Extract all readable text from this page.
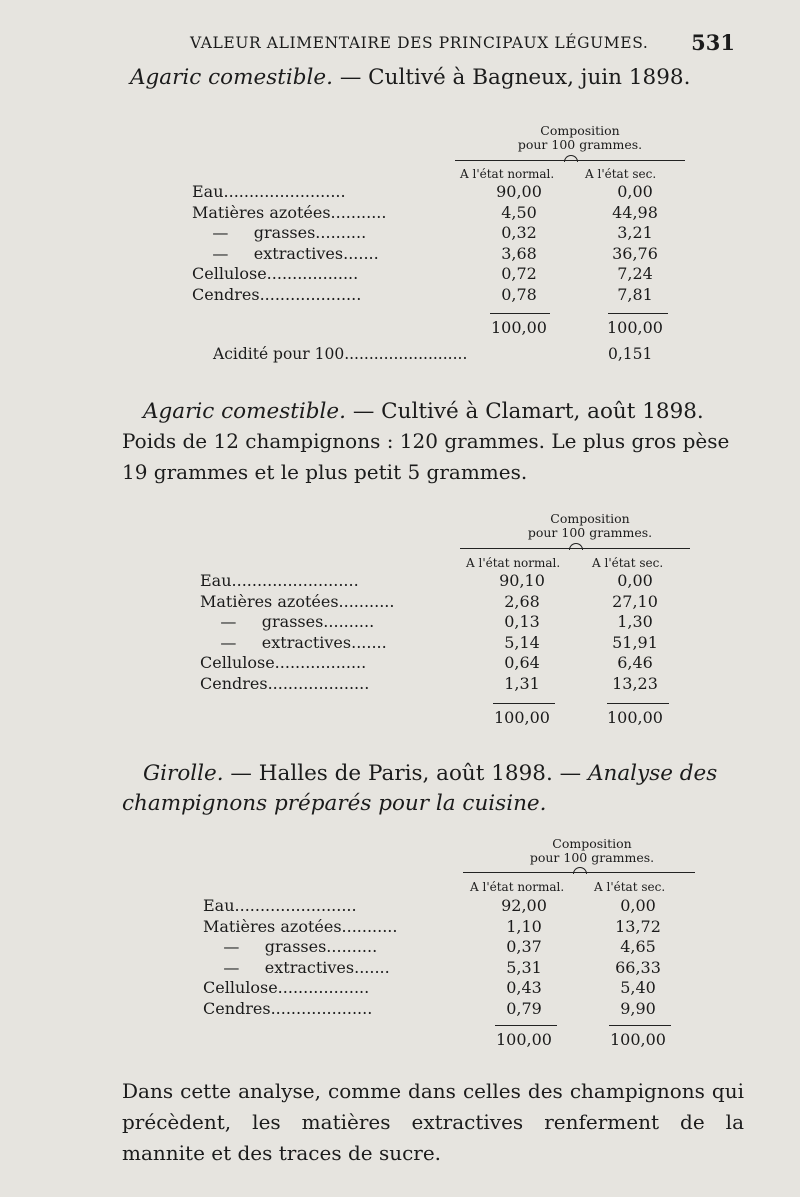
VALEUR ALIMENTAIRE DES PRINCIPAUX LÉGUMES. 531
Agaric comestible. — Cultivé à Bagneux, juin 1898.
Composition
pour 100 grammes.
A l'état normal.	A l'état sec.
Eau........................	90,00	0,00
Matières azotées...........	4,50	44,98
—     grasses..........	0,32	3,21
—     extractives.......	3,68	36,76
Cellulose..................	0,72	7,24
Cendres....................	0,78	7,81
100,00	100,00
Acidité pour 100.........................	0,151
Agaric comestible. — Cultivé à Clamart, août 1898.
Poids de 12 champignons : 120 grammes. Le plus gros pèse
19 grammes et le plus petit 5 grammes.
Composition
pour 100 grammes.
A l'état normal.	A l'état sec.
Eau.........................	90,10	0,00
Matières azotées...........	2,68	27,10
—     grasses..........	0,13	1,30
—     extractives.......	5,14	51,91
Cellulose..................	0,64	6,46
Cendres....................	1,31	13,23
100,00	100,00
Girolle. — Halles de Paris, août 1898. — Analyse des
champignons préparés pour la cuisine.
Composition
pour 100 grammes.
A l'état normal. A l'état sec.
Eau........................	92,00	0,00
Matières azotées...........	1,10	13,72
—     grasses..........	0,37	4,65
—     extractives.......	5,31	66,33
Cellulose..................	0,43	5,40
Cendres....................	0,79	9,90
100,00	100,00
Dans cette analyse, comme dans celles des champignons qui précèdent, les matières extractives renferment de la mannite et des traces de sucre.
